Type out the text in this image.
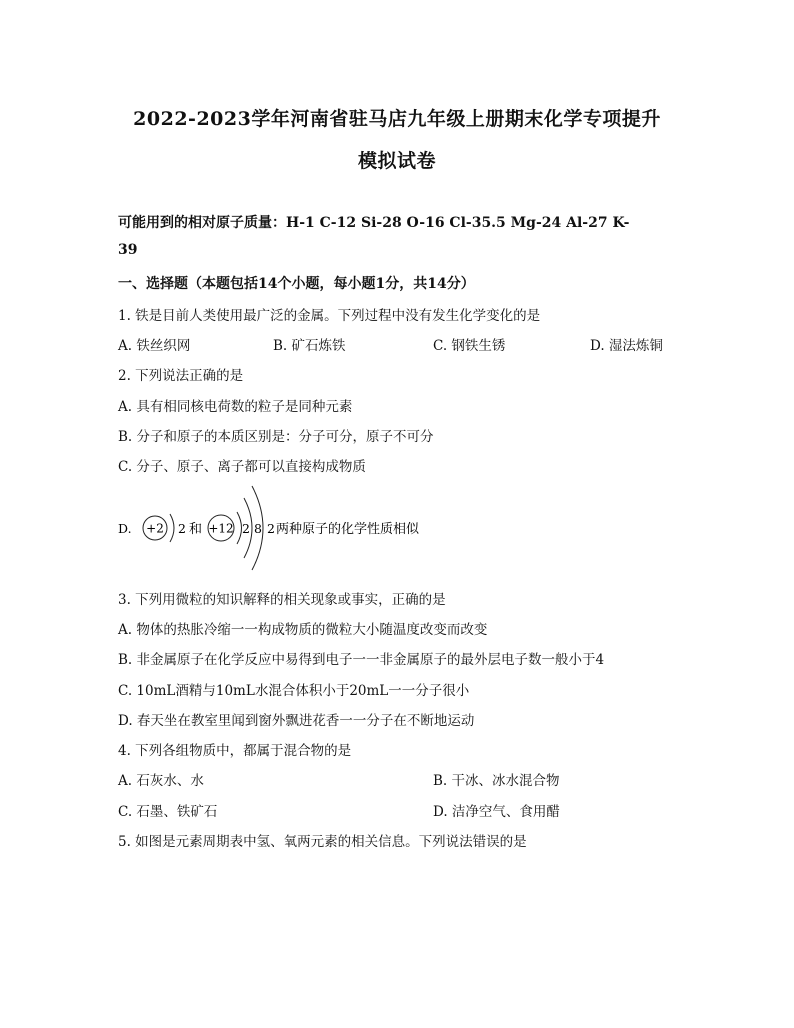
2022-2023学年河南省驻马店九年级上册期末化学专项提升
模拟试卷
可能用到的相对原子质量：H-1 C-12 Si-28 O-16 Cl-35.5 Mg-24 Al-27 K-
39
一、选择题（本题包括14个小题，每小题1分，共14分）
1. 铁是目前人类使用最广泛的金属。下列过程中没有发生化学变化的是
A. 铁丝织网	B. 矿石炼铁	C. 钢铁生锈	D. 湿法炼铜
2. 下列说法正确的是
A. 具有相同核电荷数的粒子是同种元素
B. 分子和原子的本质区别是：分子可分，原子不可分
C. 分子、原子、离子都可以直接构成物质
D. +2 2 和 +12 2 8 2 两种原子的化学性质相似
3. 下列用微粒的知识解释的相关现象或事实，正确的是
A. 物体的热胀冷缩一一构成物质的微粒大小随温度改变而改变
B. 非金属原子在化学反应中易得到电子一一非金属原子的最外层电子数一般小于4
C. 10mL酒精与10mL水混合体积小于20mL一一分子很小
D. 春天坐在教室里闻到窗外飘进花香一一分子在不断地运动
4. 下列各组物质中，都属于混合物的是
A. 石灰水、水	B. 干冰、冰水混合物
C. 石墨、铁矿石	D. 洁净空气、食用醋
5. 如图是元素周期表中氢、氧两元素的相关信息。下列说法错误的是
